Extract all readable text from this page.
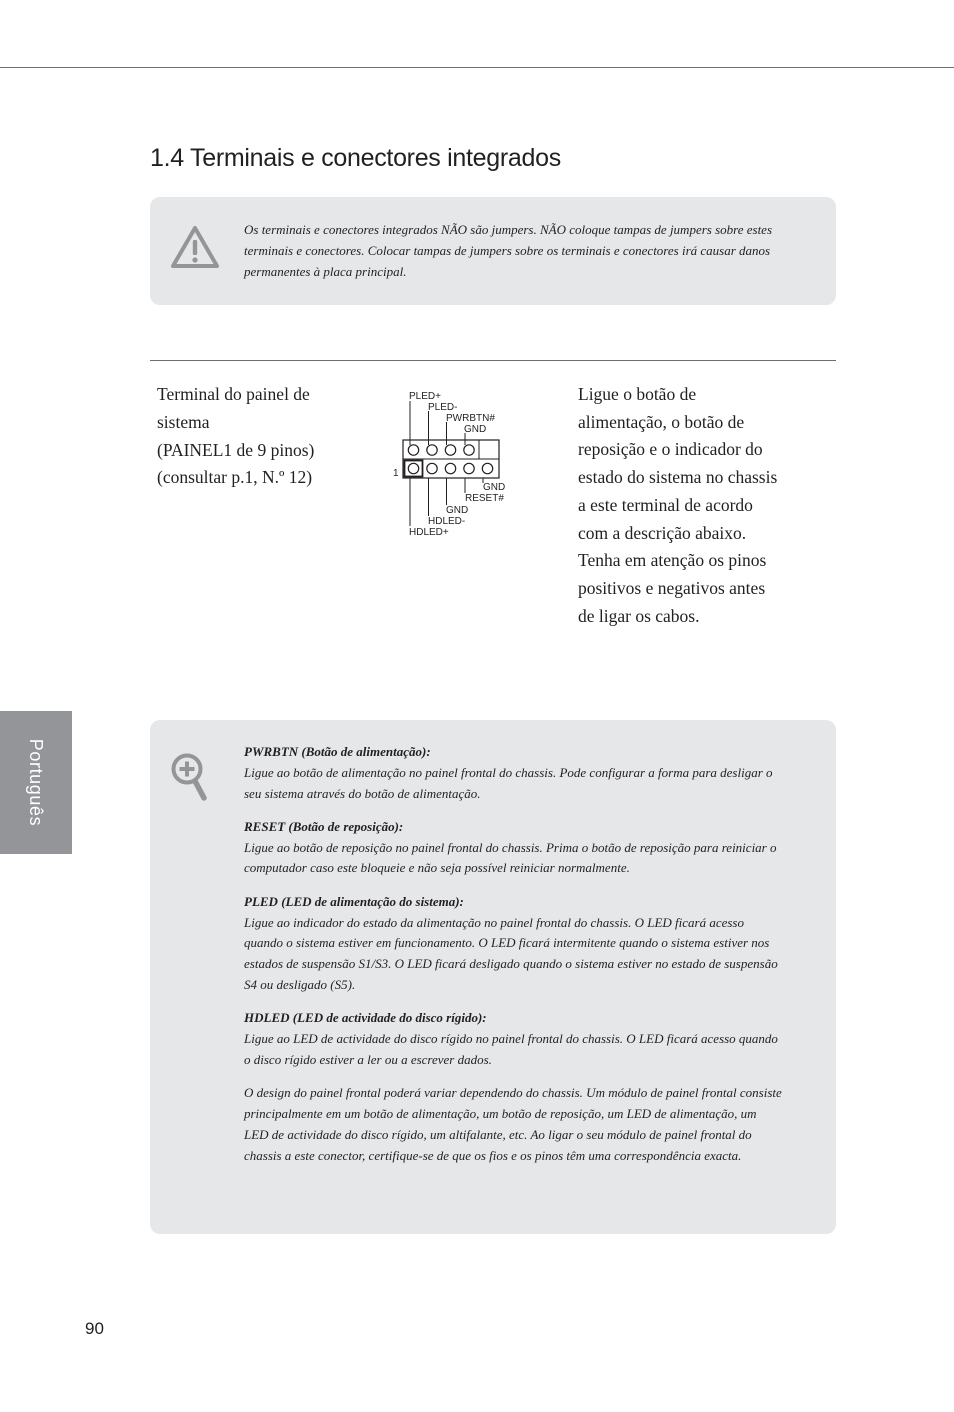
1.4 Terminais e conectores integrados

Os terminais e conectores integrados NÃO são jumpers. NÃO coloque tampas de jumpers sobre estes terminais e conectores. Colocar tampas de jumpers sobre os terminais e conectores irá causar danos permanentes à placa principal.

Terminal do painel de
sistema
(PAINEL1 de 9 pinos)
(consultar p.1, N.º 12)	1
PLED+
PLED-
PWRBTN#
GND
GND
RESET#
GND
HDLED-
HDLED+

Ligue o botão de alimentação, o botão de reposição e o indicador do estado do sistema no chassis a este terminal de acordo com a descrição abaixo. Tenha em atenção os pinos positivos e negativos antes de ligar os cabos.

Português	PWRBTN (Botão de alimentação):

Ligue ao botão de alimentação no painel frontal do chassis. Pode configurar a forma para desligar o seu sistema através do botão de alimentação.

RESET (Botão de reposição):

Ligue ao botão de reposição no painel frontal do chassis. Prima o botão de reposição para reiniciar o computador caso este bloqueie e não seja possível reiniciar normalmente.

PLED (LED de alimentação do sistema):

Ligue ao indicador do estado da alimentação no painel frontal do chassis. O LED ficará acesso quando o sistema estiver em funcionamento. O LED ficará intermitente quando o sistema estiver nos estados de suspensão S1/S3. O LED ficará desligado quando o sistema estiver no estado de suspensão S4 ou desligado (S5).

HDLED (LED de actividade do disco rígido):

Ligue ao LED de actividade do disco rígido no painel frontal do chassis. O LED ficará acesso quando o disco rígido estiver a ler ou a escrever dados.

O design do painel frontal poderá variar dependendo do chassis. Um módulo de painel frontal consiste principalmente em um botão de alimentação, um botão de reposição, um LED de alimentação, um LED de actividade do disco rígido, um altifalante, etc. Ao ligar o seu módulo de painel frontal do chassis a este conector, certifique-se de que os fios e os pinos têm uma correspondência exacta.

90
